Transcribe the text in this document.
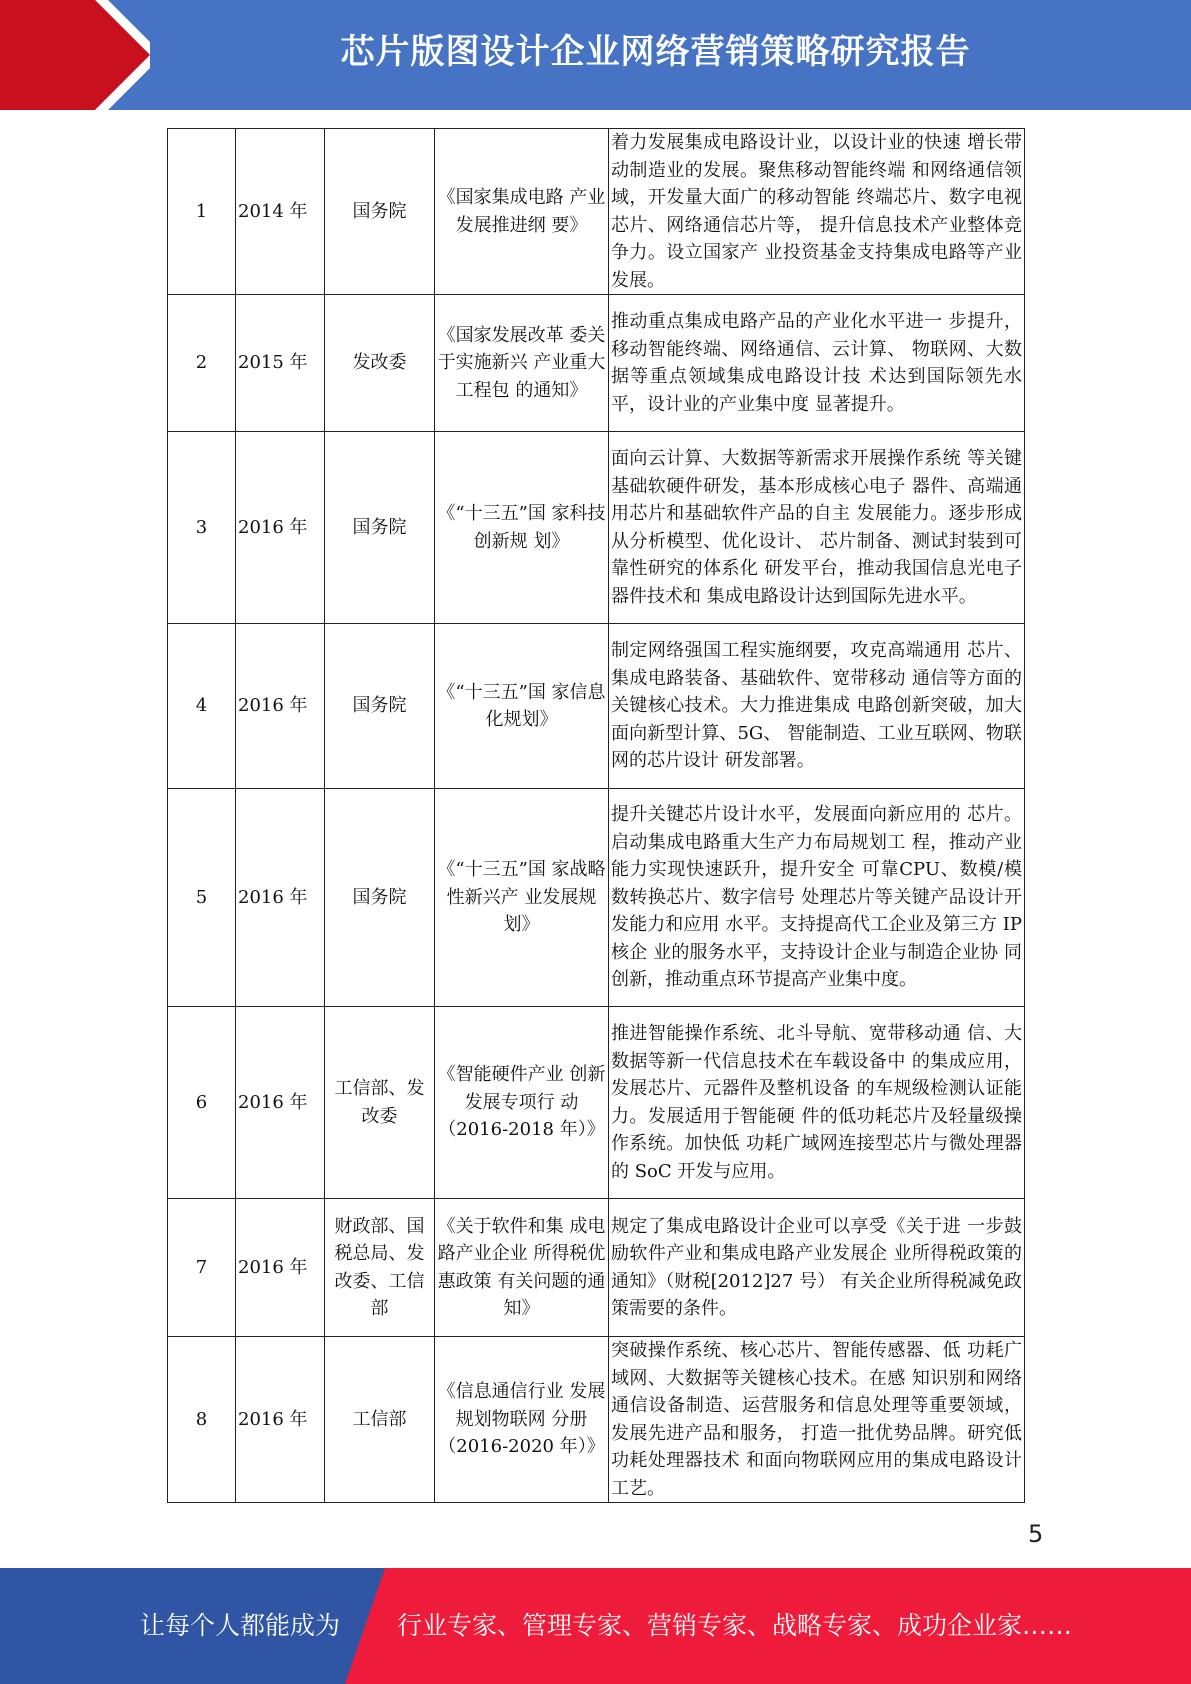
芯片版图设计企业网络营销策略研究报告
1	2014 年	国务院	《国家集成电路 产业发展推进纲 要》	着力发展集成电路设计业，以设计业的快速 增长带动制造业的发展。聚焦移动智能终端 和网络通信领域，开发量大面广的移动智能 终端芯片、数字电视芯片、网络通信芯片等， 提升信息技术产业整体竞争力。设立国家产 业投资基金支持集成电路等产业发展。
2	2015 年	发改委	《国家发展改革 委关于实施新兴 产业重大工程包 的通知》	推动重点集成电路产品的产业化水平进一 步提升，移动智能终端、网络通信、云计算、 物联网、大数据等重点领域集成电路设计技 术达到国际领先水平，设计业的产业集中度 显著提升。
3	2016 年	国务院	《“十三五”国 家科技创新规 划》	面向云计算、大数据等新需求开展操作系统 等关键基础软硬件研发，基本形成核心电子 器件、高端通用芯片和基础软件产品的自主 发展能力。逐步形成从分析模型、优化设计、 芯片制备、测试封装到可靠性研究的体系化 研发平台，推动我国信息光电子器件技术和 集成电路设计达到国际先进水平。
4	2016 年	国务院	《“十三五”国 家信息化规划》	制定网络强国工程实施纲要，攻克高端通用 芯片、集成电路装备、基础软件、宽带移动 通信等方面的关键核心技术。大力推进集成 电路创新突破，加大面向新型计算、5G、 智能制造、工业互联网、物联网的芯片设计 研发部署。
5	2016 年	国务院	《“十三五”国 家战略性新兴产 业发展规划》	提升关键芯片设计水平，发展面向新应用的 芯片。启动集成电路重大生产力布局规划工 程，推动产业能力实现快速跃升，提升安全 可靠CPU、数模/模数转换芯片、数字信号 处理芯片等关键产品设计开发能力和应用 水平。支持提高代工企业及第三方 IP 核企 业的服务水平，支持设计企业与制造企业协 同创新，推动重点环节提高产业集中度。
6	2016 年	工信部、发改委	《智能硬件产业 创新发展专项行 动（2016-2018 年）》	推进智能操作系统、北斗导航、宽带移动通 信、大数据等新一代信息技术在车载设备中 的集成应用，发展芯片、元器件及整机设备 的车规级检测认证能力。发展适用于智能硬 件的低功耗芯片及轻量级操作系统。加快低 功耗广域网连接型芯片与微处理器的 SoC 开发与应用。
7	2016 年	财政部、国税总局、发改委、工信部	《关于软件和集 成电路产业企业 所得税优惠政策 有关问题的通 知》	规定了集成电路设计企业可以享受《关于进 一步鼓励软件产业和集成电路产业发展企 业所得税政策的通知》（财税[2012]27 号） 有关企业所得税减免政策需要的条件。
8	2016 年	工信部	《信息通信行业 发展规划物联网 分册（2016-2020 年）》	突破操作系统、核心芯片、智能传感器、低 功耗广域网、大数据等关键核心技术。在感 知识别和网络通信设备制造、运营服务和信息处理等重要领域，发展先进产品和服务， 打造一批优势品牌。研究低功耗处理器技术 和面向物联网应用的集成电路设计工艺。
5
让每个人都能成为 行业专家、管理专家、营销专家、战略专家、成功企业家……
